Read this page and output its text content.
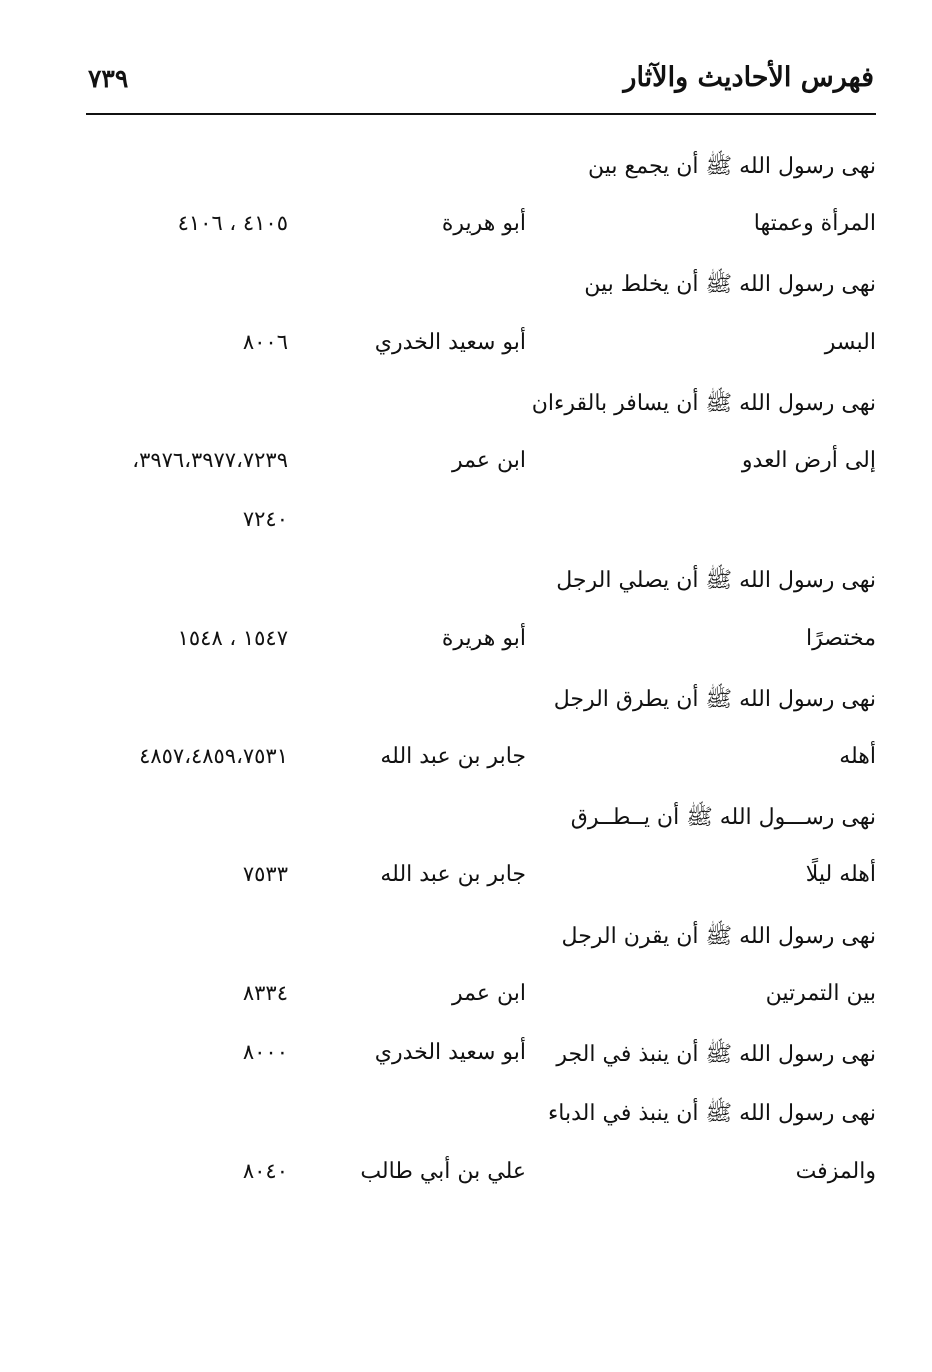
فهرس الأحاديث والآثار
٧٣٩
نهى رسول الله ﷺ أن يجمع بين
المرأة وعمتها
أبو هريرة
٤١٠٥ ، ٤١٠٦
نهى رسول الله ﷺ أن يخلط بين
البسر
أبو سعيد الخدري
٨٠٠٦
نهى رسول الله ﷺ أن يسافر بالقرءان
إلى أرض العدو
ابن عمر
٣٩٧٦،٣٩٧٧،٧٢٣٩،
٧٢٤٠
نهى رسول الله ﷺ أن يصلي الرجل
مختصرًا
أبو هريرة
١٥٤٧ ، ١٥٤٨
نهى رسول الله ﷺ أن يطرق الرجل
أهله
جابر بن عبد الله
٤٨٥٧،٤٨٥٩،٧٥٣١
نهى رســـول الله ﷺ أن يــطــرق
أهله ليلًا
جابر بن عبد الله
٧٥٣٣
نهى رسول الله ﷺ أن يقرن الرجل
بين التمرتين
ابن عمر
٨٣٣٤
نهى رسول الله ﷺ أن ينبذ في الجر
أبو سعيد الخدري
٨٠٠٠
نهى رسول الله ﷺ أن ينبذ في الدباء
والمزفت
علي بن أبي طالب
٨٠٤٠
